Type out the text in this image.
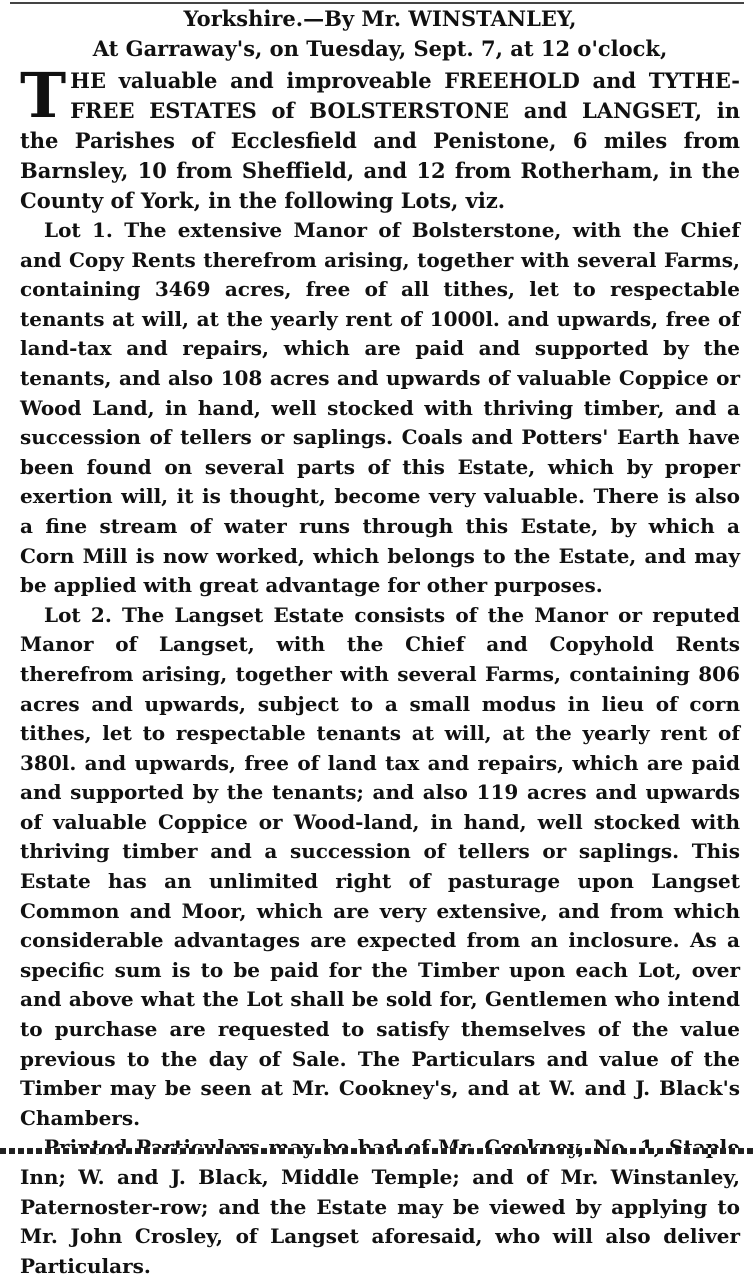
Yorkshire.—By Mr. WINSTANLEY,
At Garraway's, on Tuesday, Sept. 7, at 12 o'clock,
T HE valuable and improveable FREEHOLD and TYTHE-FREE ESTATES of BOLSTERSTONE and LANGSET, in the Parishes of Ecclesfield and Penistone, 6 miles from Barnsley, 10 from Sheffield, and 12 from Rotherham, in the County of York, in the following Lots, viz.

Lot 1. The extensive Manor of Bolsterstone, with the Chief and Copy Rents therefrom arising, together with several Farms, containing 3469 acres, free of all tithes, let to respectable tenants at will, at the yearly rent of 1000l. and upwards, free of land-tax and repairs, which are paid and supported by the tenants, and also 108 acres and upwards of valuable Coppice or Wood Land, in hand, well stocked with thriving timber, and a succession of tellers or saplings. Coals and Potters' Earth have been found on several parts of this Estate, which by proper exertion will, it is thought, become very valuable. There is also a fine stream of water runs through this Estate, by which a Corn Mill is now worked, which belongs to the Estate, and may be applied with great advantage for other purposes.

Lot 2. The Langset Estate consists of the Manor or reputed Manor of Langset, with the Chief and Copyhold Rents therefrom arising, together with several Farms, containing 806 acres and upwards, subject to a small modus in lieu of corn tithes, let to respectable tenants at will, at the yearly rent of 380l. and upwards, free of land tax and repairs, which are paid and supported by the tenants; and also 119 acres and upwards of valuable Coppice or Wood-land, in hand, well stocked with thriving timber and a succession of tellers or saplings. This Estate has an unlimited right of pasturage upon Langset Common and Moor, which are very extensive, and from which considerable advantages are expected from an inclosure. As a specific sum is to be paid for the Timber upon each Lot, over and above what the Lot shall be sold for, Gentlemen who intend to purchase are requested to satisfy themselves of the value previous to the day of Sale. The Particulars and value of the Timber may be seen at Mr. Cookney's, and at W. and J. Black's Chambers.

Inn; W. and J. Black, Middle Temple; and of Mr. Winstanley, Paternoster-row; and the Estate may be viewed by applying to Mr. John Crosley, of Langset aforesaid, who will also deliver Particulars.
